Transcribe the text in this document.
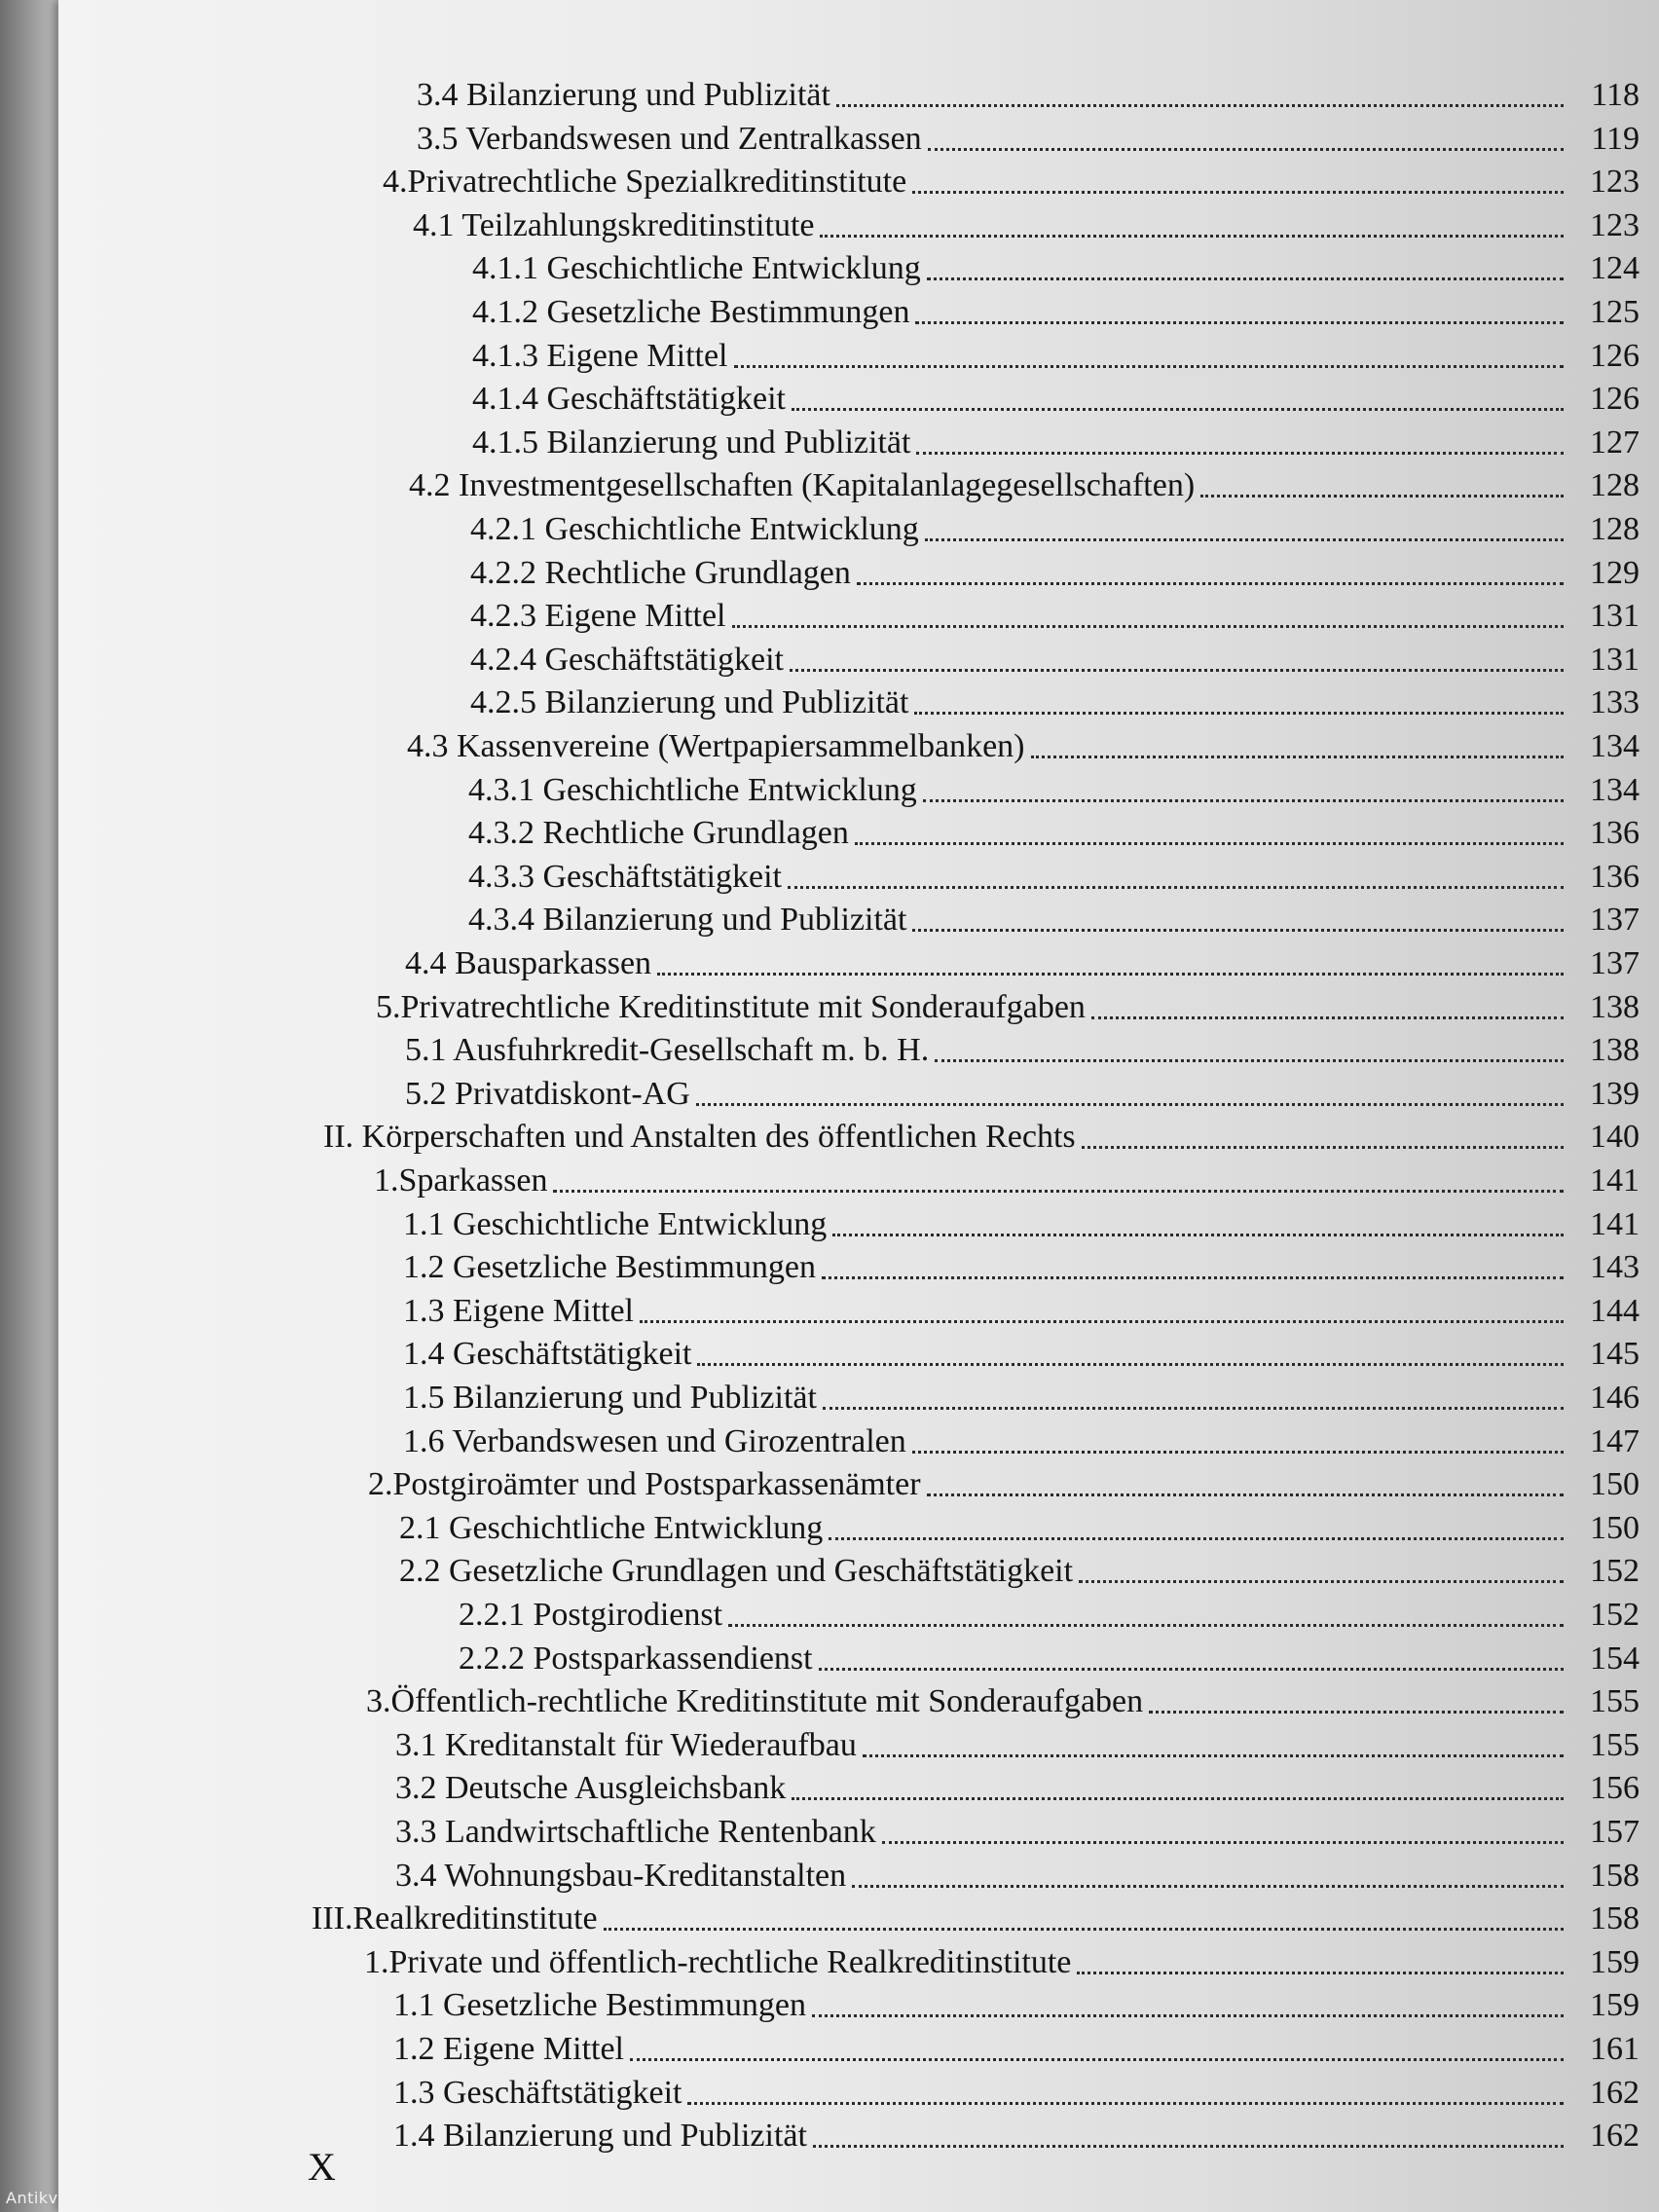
3.4 Bilanzierung und Publizität	118
3.5 Verbandswesen und Zentralkassen	119
4.Privatrechtliche Spezialkreditinstitute	123
4.1 Teilzahlungskreditinstitute	123
4.1.1 Geschichtliche Entwicklung	124
4.1.2 Gesetzliche Bestimmungen	125
4.1.3 Eigene Mittel	126
4.1.4 Geschäftstätigkeit	126
4.1.5 Bilanzierung und Publizität	127
4.2 Investmentgesellschaften (Kapitalanlagegesellschaften)	128
4.2.1 Geschichtliche Entwicklung	128
4.2.2 Rechtliche Grundlagen	129
4.2.3 Eigene Mittel	131
4.2.4 Geschäftstätigkeit	131
4.2.5 Bilanzierung und Publizität	133
4.3 Kassenvereine (Wertpapiersammelbanken)	134
4.3.1 Geschichtliche Entwicklung	134
4.3.2 Rechtliche Grundlagen	136
4.3.3 Geschäftstätigkeit	136
4.3.4 Bilanzierung und Publizität	137
4.4 Bausparkassen	137
5.Privatrechtliche Kreditinstitute mit Sonderaufgaben	138
5.1 Ausfuhrkredit-Gesellschaft m. b. H.	138
5.2 Privatdiskont-AG	139
II. Körperschaften und Anstalten des öffentlichen Rechts	140
1.Sparkassen	141
1.1 Geschichtliche Entwicklung	141
1.2 Gesetzliche Bestimmungen	143
1.3 Eigene Mittel	144
1.4 Geschäftstätigkeit	145
1.5 Bilanzierung und Publizität	146
1.6 Verbandswesen und Girozentralen	147
2.Postgiroämter und Postsparkassenämter	150
2.1 Geschichtliche Entwicklung	150
2.2 Gesetzliche Grundlagen und Geschäftstätigkeit	152
2.2.1 Postgirodienst	152
2.2.2 Postsparkassendienst	154
3.Öffentlich-rechtliche Kreditinstitute mit Sonderaufgaben	155
3.1 Kreditanstalt für Wiederaufbau	155
3.2 Deutsche Ausgleichsbank	156
3.3 Landwirtschaftliche Rentenbank	157
3.4 Wohnungsbau-Kreditanstalten	158
III.Realkreditinstitute	158
1.Private und öffentlich-rechtliche Realkreditinstitute	159
1.1 Gesetzliche Bestimmungen	159
1.2 Eigene Mittel	161
1.3 Geschäftstätigkeit	162
1.4 Bilanzierung und Publizität	162
X
Antikvarium.hu
